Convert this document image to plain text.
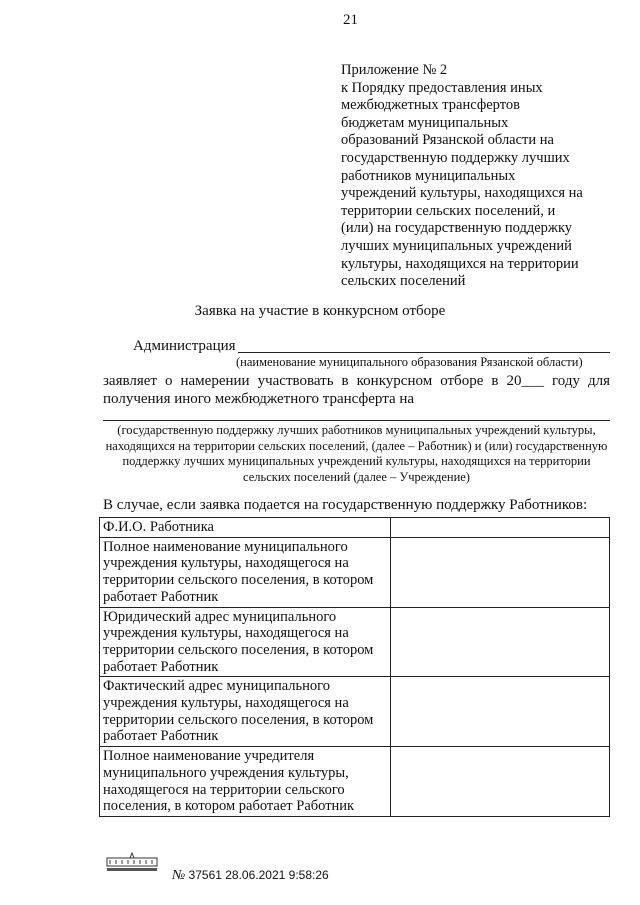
21
Приложение № 2
к Порядку предоставления иных
межбюджетных трансфертов
бюджетам муниципальных
образований Рязанской области на
государственную поддержку лучших
работников муниципальных
учреждений культуры, находящихся на
территории сельских поселений, и
(или) на государственную поддержку
лучших муниципальных учреждений
культуры, находящихся на территории
сельских поселений
Заявка на участие в конкурсном отборе
Администрация
(наименование муниципального образования Рязанской области)
заявляет о намерении участвовать в конкурсном отборе в 20___ году для получения иного межбюджетного трансферта на
(государственную поддержку лучших работников муниципальных учреждений культуры, находящихся на территории сельских поселений, (далее – Работник) и (или) государственную поддержку лучших муниципальных учреждений культуры, находящихся на территории сельских поселений (далее – Учреждение)
В случае, если заявка подается на государственную поддержку Работников:
Ф.И.О. Работника	
Полное наименование муниципального учреждения культуры, находящегося на территории сельского поселения, в котором работает Работник	
Юридический адрес муниципального учреждения культуры, находящегося на территории сельского поселения, в котором работает Работник	
Фактический адрес муниципального учреждения культуры, находящегося на территории сельского поселения, в котором работает Работник	
Полное наименование учредителя муниципального учреждения культуры, находящегося на территории сельского поселения, в котором работает Работник	
№ 37561 28.06.2021 9:58:26
